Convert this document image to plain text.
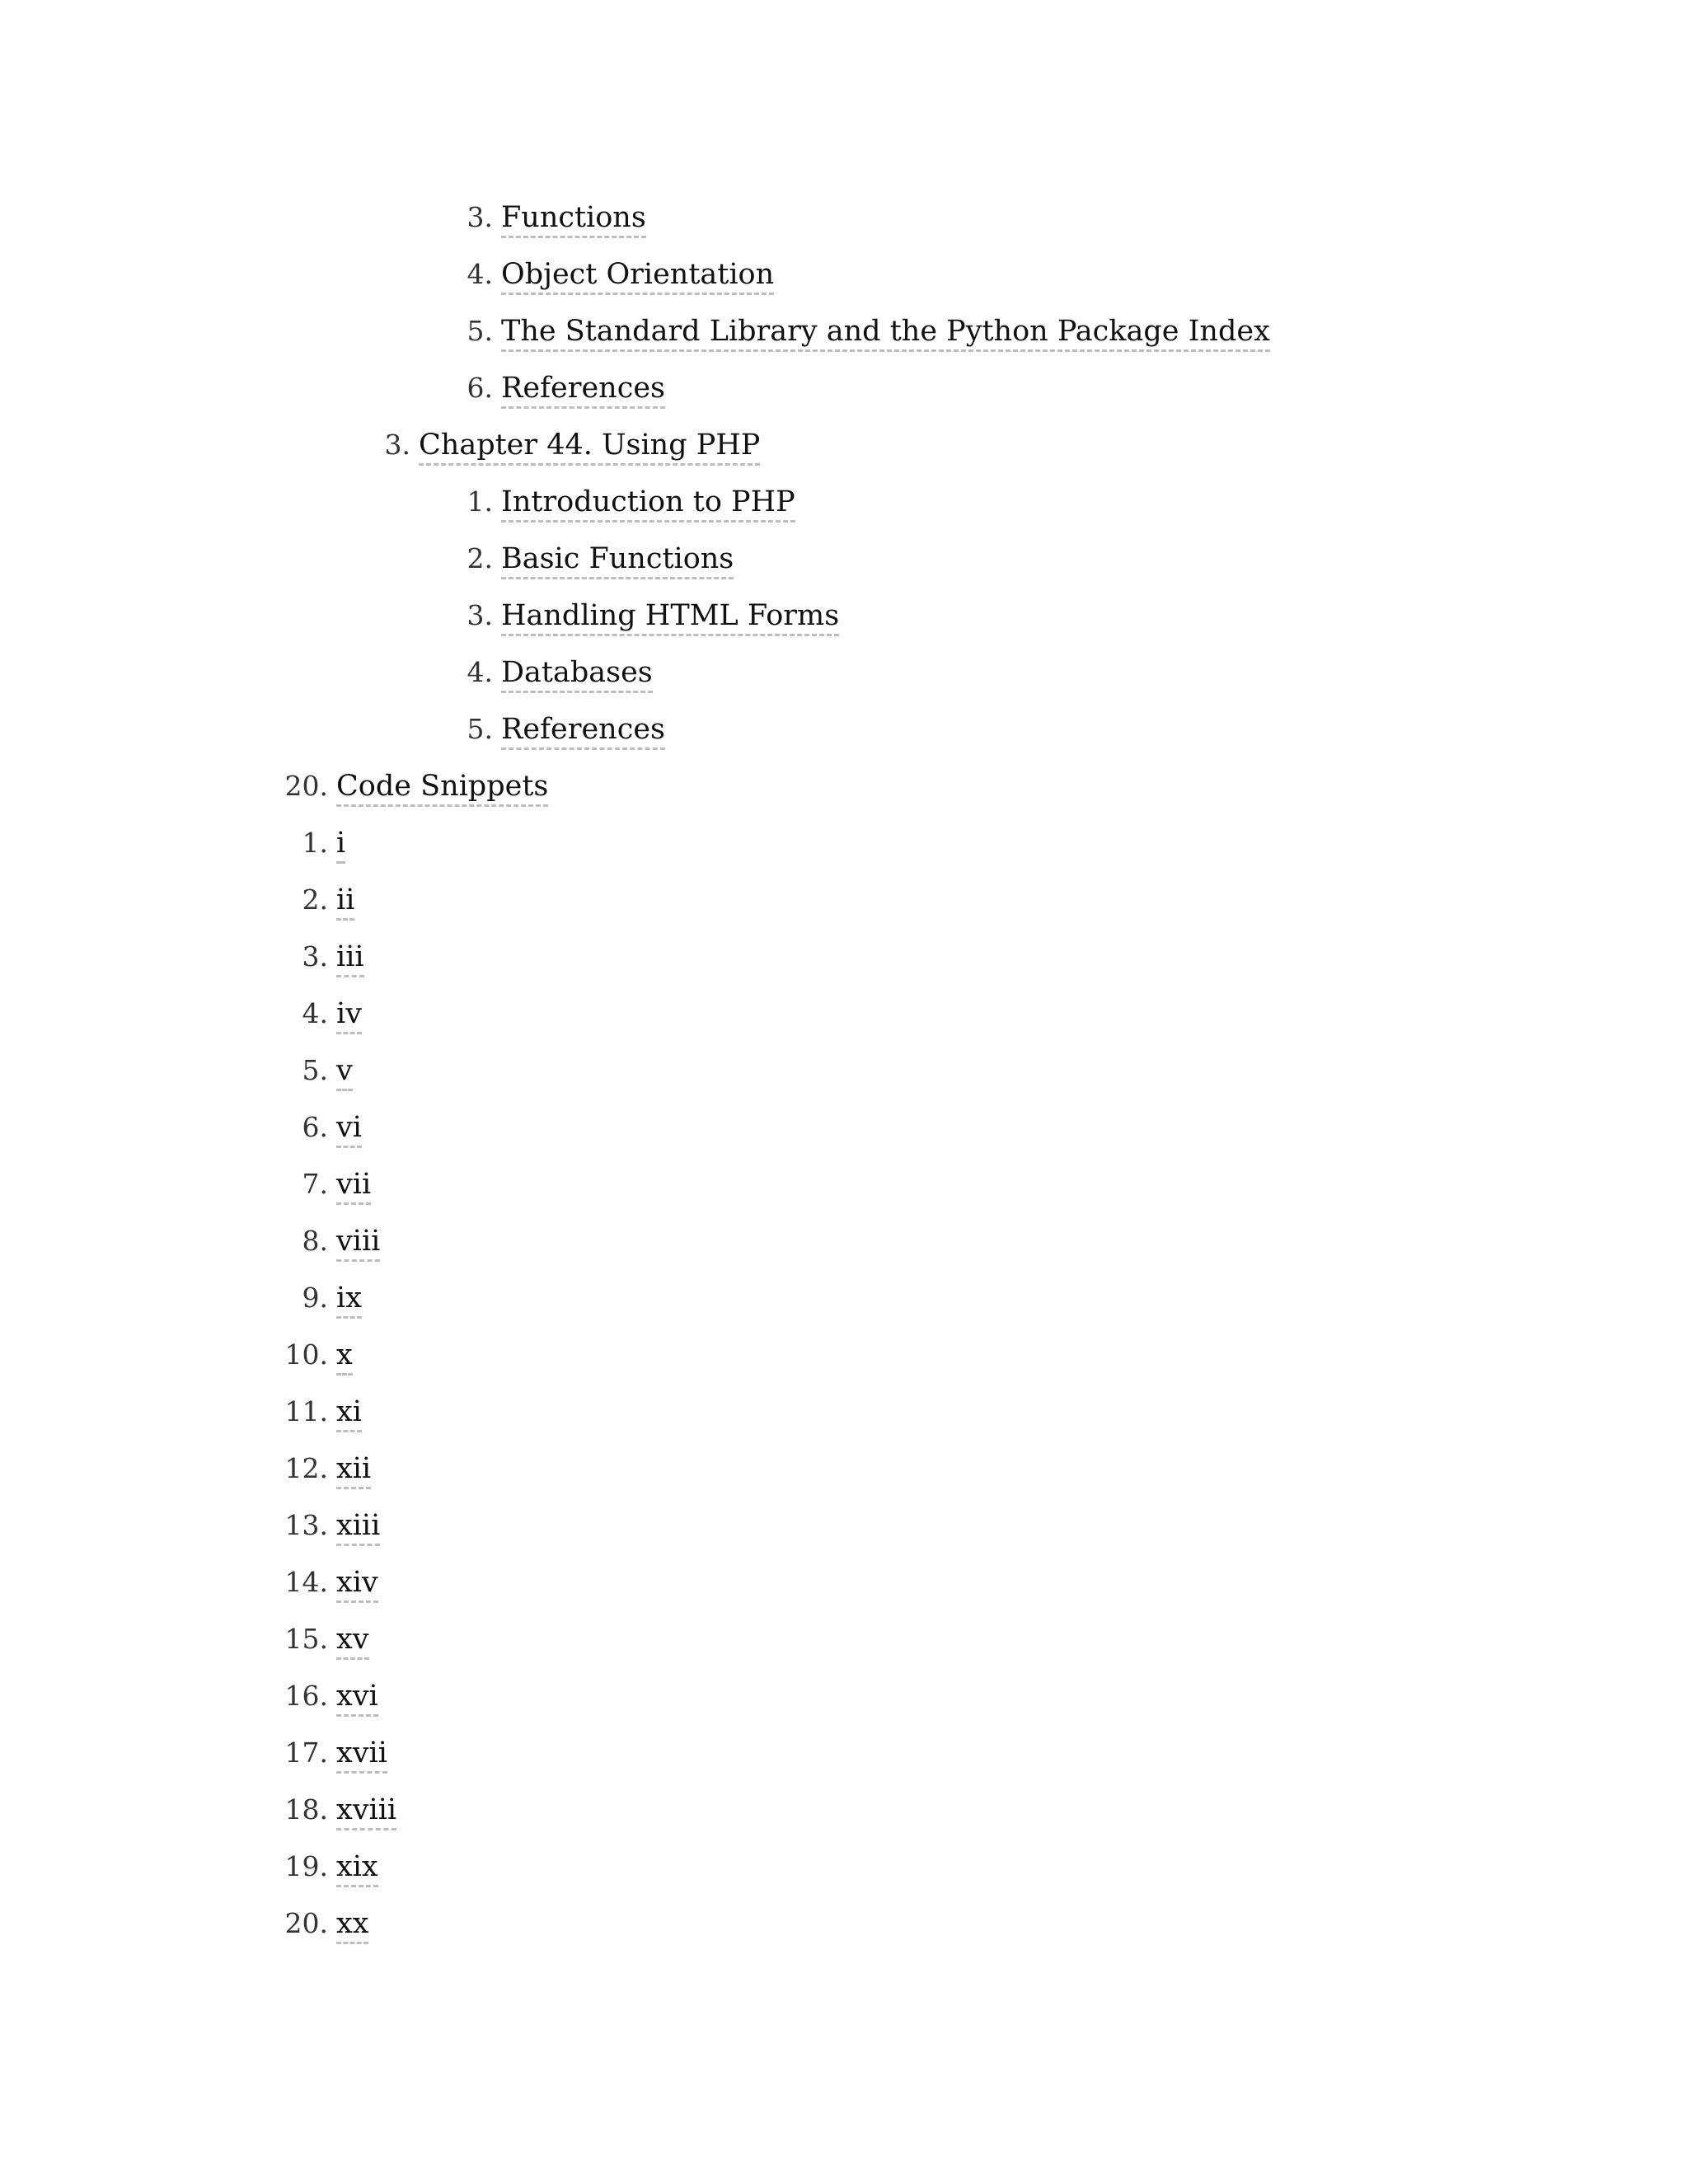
3. Functions
4. Object Orientation
5. The Standard Library and the Python Package Index
6. References
3. Chapter 44. Using PHP
1. Introduction to PHP
2. Basic Functions
3. Handling HTML Forms
4. Databases
5. References
20. Code Snippets
1. i
2. ii
3. iii
4. iv
5. v
6. vi
7. vii
8. viii
9. ix
10. x
11. xi
12. xii
13. xiii
14. xiv
15. xv
16. xvi
17. xvii
18. xviii
19. xix
20. xx
